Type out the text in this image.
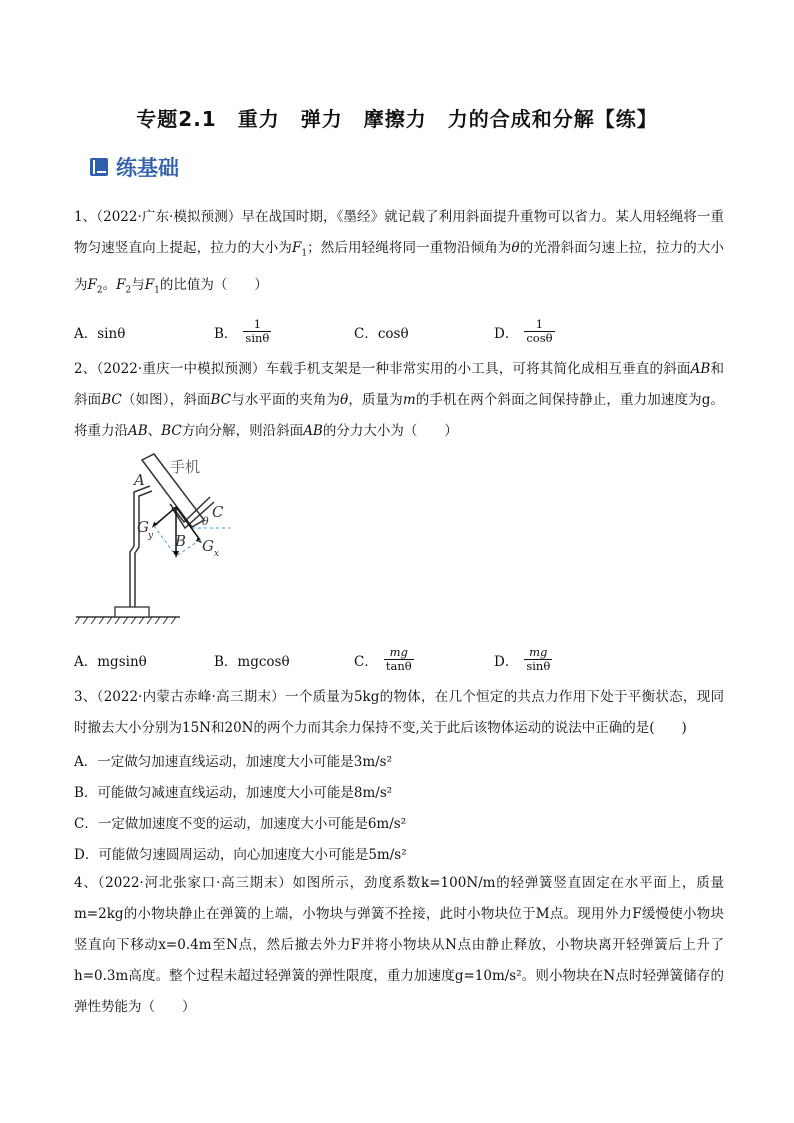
专题2.1　重力　弹力　摩擦力　力的合成和分解【练】
练基础
1、（2022·广东·模拟预测）早在战国时期，《墨经》就记载了利用斜面提升重物可以省力。某人用轻绳将一重物匀速竖直向上提起，拉力的大小为$F_1$；然后用轻绳将同一重物沿倾角为θ的光滑斜面匀速上拉，拉力的大小为$F_2$。$F_2$与$F_1$的比值为（　　）
A．sinθ	B． $\frac{1}{\sin\theta}$	C．cosθ	D． $\frac{1}{\cos\theta}$
2、（2022·重庆一中模拟预测）车载手机支架是一种非常实用的小工具，可将其简化成相互垂直的斜面AB和斜面BC（如图），斜面BC与水平面的夹角为θ，质量为m的手机在两个斜面之间保持静止，重力加速度为g。将重力沿AB、BC方向分解，则沿斜面AB的分力大小为（　　）
手机
A
B
C
θ
G y
G x
A．mgsinθ	B．mgcosθ	C． $\frac{mg}{\tan\theta}$	D． $\frac{mg}{\sin\theta}$
3、（2022·内蒙古赤峰·高三期末）一个质量为5kg的物体，在几个恒定的共点力作用下处于平衡状态，现同时撤去大小分别为15N和20N的两个力而其余力保持不变,关于此后该物体运动的说法中正确的是(　　)
A．一定做匀加速直线运动，加速度大小可能是3m/s²
B．可能做匀减速直线运动，加速度大小可能是8m/s²
C．一定做加速度不变的运动，加速度大小可能是6m/s²
D．可能做匀速圆周运动，向心加速度大小可能是5m/s²
4、（2022·河北张家口·高三期末）如图所示，劲度系数k=100N/m的轻弹簧竖直固定在水平面上，质量m=2kg的小物块静止在弹簧的上端，小物块与弹簧不拴接，此时小物块位于M点。现用外力F缓慢使小物块竖直向下移动x=0.4m至N点，然后撤去外力F并将小物块从N点由静止释放，小物块离开轻弹簧后上升了h=0.3m高度。整个过程未超过轻弹簧的弹性限度，重力加速度g=10m/s²。则小物块在N点时轻弹簧储存的弹性势能为（　　）
